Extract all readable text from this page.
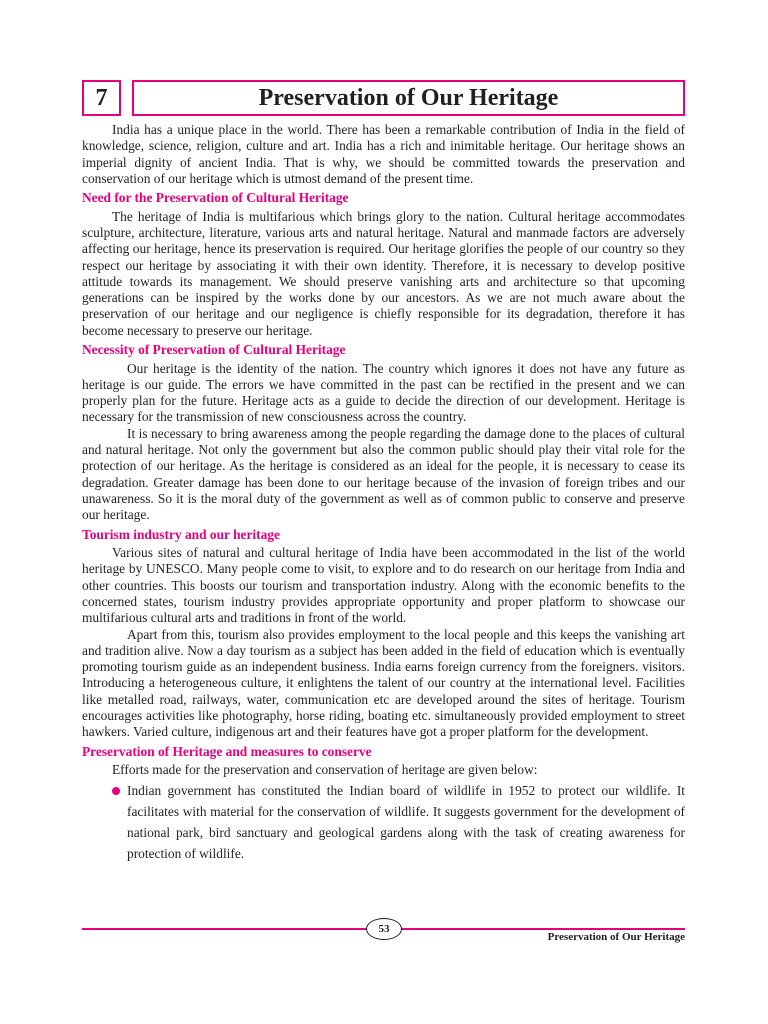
7	Preservation of Our Heritage

India has a unique place in the world. There has been a remarkable contribution of India in the field of knowledge, science, religion, culture and art. India has a rich and inimitable heritage. Our heritage shows an imperial dignity of ancient India. That is why, we should be committed towards the preservation and conservation of our heritage which is utmost demand of the present time.

Need for the Preservation of Cultural Heritage

The heritage of India is multifarious which brings glory to the nation. Cultural heritage accommodates sculpture, architecture, literature, various arts and natural heritage. Natural and manmade factors are adversely affecting our heritage, hence its preservation is required. Our heritage glorifies the people of our country so they respect our heritage by associating it with their own identity. Therefore, it is necessary to develop positive attitude towards its management. We should preserve vanishing arts and architecture so that upcoming generations can be inspired by the works done by our ancestors. As we are not much aware about the preservation of our heritage and our negligence is chiefly responsible for its degradation, therefore it has become necessary to preserve our heritage.

Necessity of Preservation of Cultural Heritage

Our heritage is the identity of the nation. The country which ignores it does not have any future as heritage is our guide. The errors we have committed in the past can be rectified in the present and we can properly plan for the future. Heritage acts as a guide to decide the direction of our development. Heritage is necessary for the transmission of new consciousness across the country.

It is necessary to bring awareness among the people regarding the damage done to the places of cultural and natural heritage. Not only the government but also the common public should play their vital role for the protection of our heritage. As the heritage is considered as an ideal for the people, it is necessary to cease its degradation. Greater damage has been done to our heritage because of the invasion of foreign tribes and our unawareness. So it is the moral duty of the government as well as of common public to conserve and preserve our heritage.

Tourism industry and our heritage

Various sites of natural and cultural heritage of India have been accommodated in the list of the world heritage by UNESCO. Many people come to visit, to explore and to do research on our heritage from India and other countries. This boosts our tourism and transportation industry. Along with the economic benefits to the concerned states, tourism industry provides appropriate opportunity and proper platform to showcase our multifarious cultural arts and traditions in front of the world.

Apart from this, tourism also provides employment to the local people and this keeps the vanishing art and tradition alive. Now a day tourism as a subject has been added in the field of education which is eventually promoting tourism guide as an independent business. India earns foreign currency from the foreigners. visitors. Introducing a heterogeneous culture, it enlightens the talent of our country at the international level. Facilities like metalled road, railways, water, communication etc are developed around the sites of heritage. Tourism encourages activities like photography, horse riding, boating etc. simultaneously provided employment to street hawkers. Varied culture, indigenous art and their features have got a proper platform for the development.

Preservation of Heritage and measures to conserve

Efforts made for the preservation and conservation of heritage are given below:

Indian government has constituted the Indian board of wildlife in 1952 to protect our wildlife. It facilitates with material for the conservation of wildlife. It suggests government for the development of national park, bird sanctuary and geological gardens along with the task of creating awareness for protection of wildlife.
53
Preservation of Our Heritage
